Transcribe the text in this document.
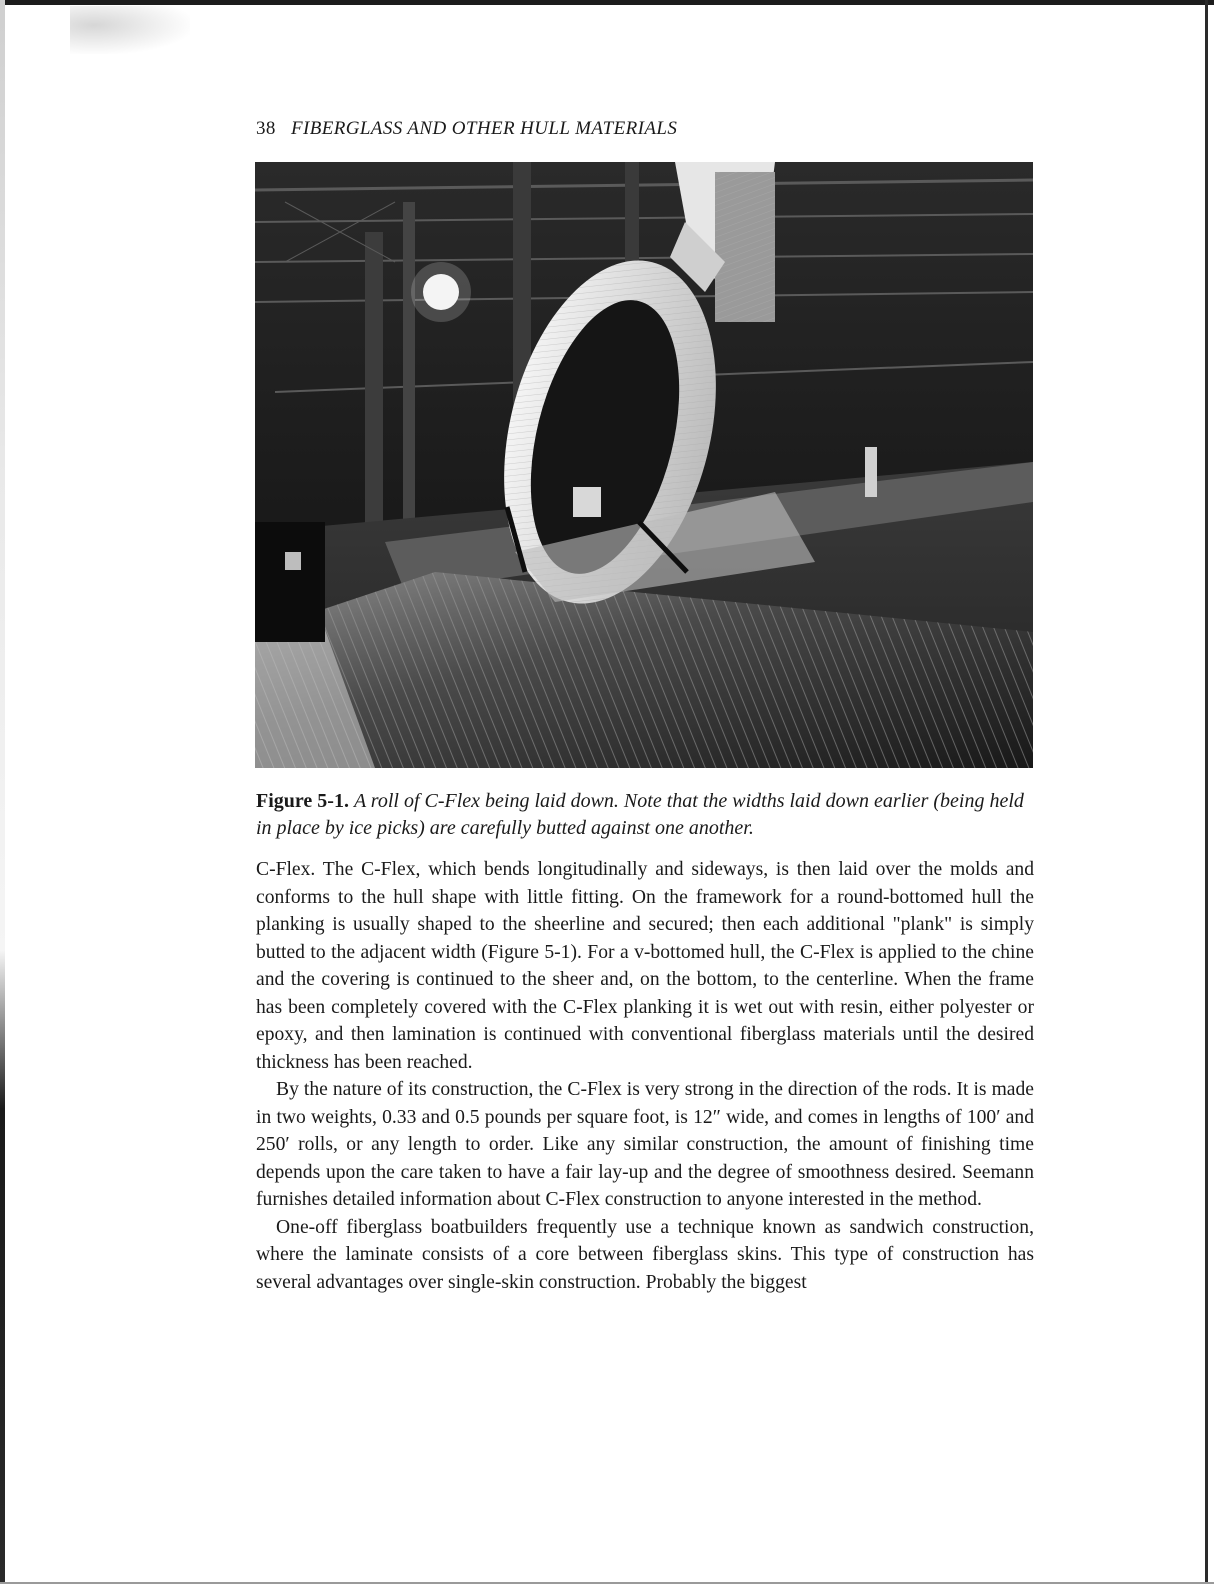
38 FIBERGLASS AND OTHER HULL MATERIALS
Figure 5-1. A roll of C-Flex being laid down. Note that the widths laid down earlier (being held in place by ice picks) are carefully butted against one another.

C-Flex. The C-Flex, which bends longitudinally and sideways, is then laid over the molds and conforms to the hull shape with little fitting. On the framework for a round-bottomed hull the planking is usually shaped to the sheerline and secured; then each additional "plank" is simply butted to the adjacent width (Figure 5-1). For a v-bottomed hull, the C-Flex is applied to the chine and the covering is continued to the sheer and, on the bottom, to the centerline. When the frame has been completely covered with the C-Flex planking it is wet out with resin, either polyester or epoxy, and then lamination is continued with conventional fiberglass materials until the desired thickness has been reached.

By the nature of its construction, the C-Flex is very strong in the direction of the rods. It is made in two weights, 0.33 and 0.5 pounds per square foot, is 12″ wide, and comes in lengths of 100′ and 250′ rolls, or any length to order. Like any similar construction, the amount of finishing time depends upon the care taken to have a fair lay-up and the degree of smoothness desired. Seemann furnishes detailed information about C-Flex construction to anyone interested in the method.

One-off fiberglass boatbuilders frequently use a technique known as sandwich construction, where the laminate consists of a core between fiberglass skins. This type of construction has several advantages over single-skin construction. Probably the biggest
